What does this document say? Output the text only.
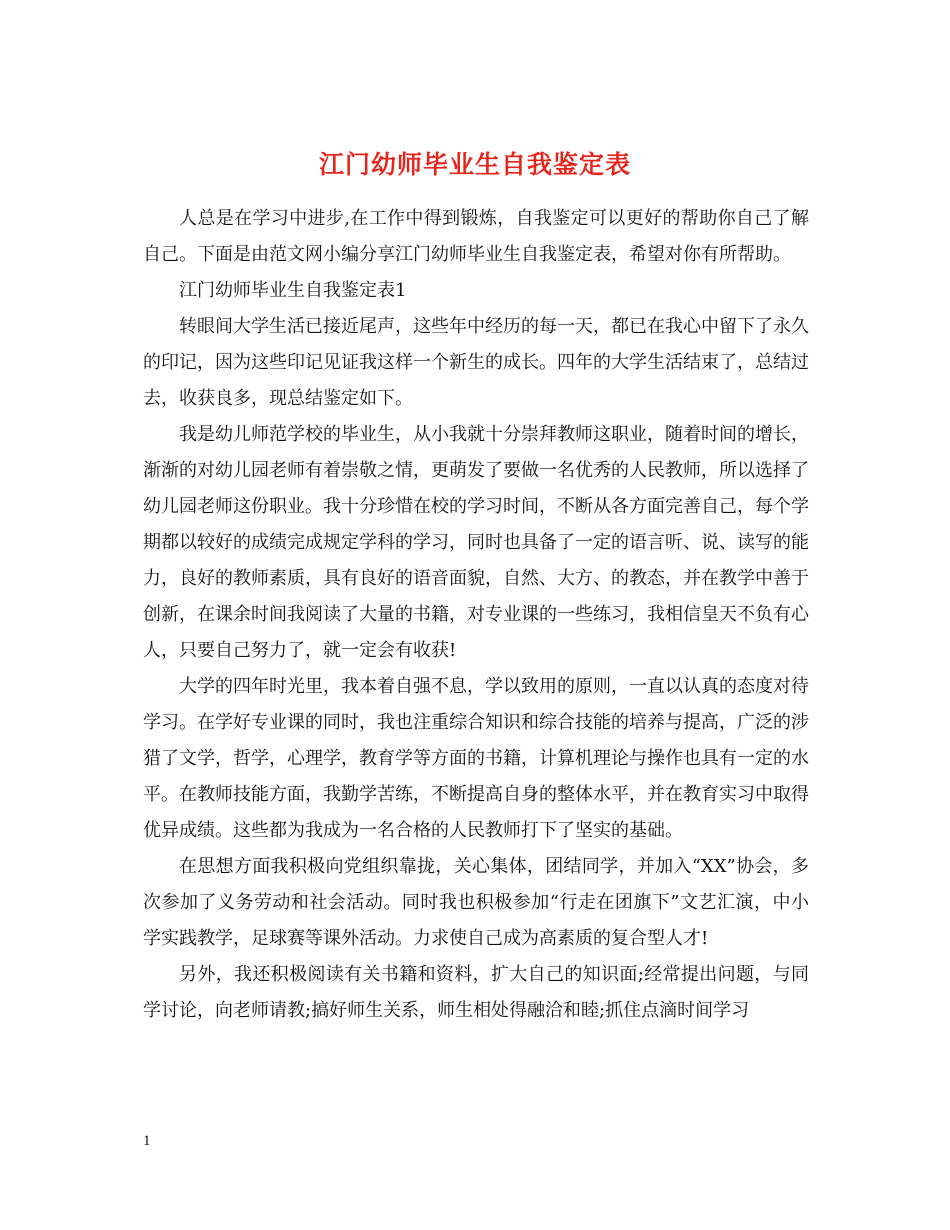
江门幼师毕业生自我鉴定表

人总是在学习中进步,在工作中得到锻炼，自我鉴定可以更好的帮助你自己了解自己。下面是由范文网小编分享江门幼师毕业生自我鉴定表，希望对你有所帮助。

江门幼师毕业生自我鉴定表1

转眼间大学生活已接近尾声，这些年中经历的每一天，都已在我心中留下了永久的印记，因为这些印记见证我这样一个新生的成长。四年的大学生活结束了，总结过去，收获良多，现总结鉴定如下。

我是幼儿师范学校的毕业生，从小我就十分崇拜教师这职业，随着时间的增长，渐渐的对幼儿园老师有着崇敬之情，更萌发了要做一名优秀的人民教师，所以选择了幼儿园老师这份职业。我十分珍惜在校的学习时间，不断从各方面完善自己，每个学期都以较好的成绩完成规定学科的学习，同时也具备了一定的语言听、说、读写的能力，良好的教师素质，具有良好的语音面貌，自然、大方、的教态，并在教学中善于创新，在课余时间我阅读了大量的书籍，对专业课的一些练习，我相信皇天不负有心人，只要自己努力了，就一定会有收获!

大学的四年时光里，我本着自强不息，学以致用的原则，一直以认真的态度对待学习。在学好专业课的同时，我也注重综合知识和综合技能的培养与提高，广泛的涉猎了文学，哲学，心理学，教育学等方面的书籍，计算机理论与操作也具有一定的水平。在教师技能方面，我勤学苦练，不断提高自身的整体水平，并在教育实习中取得优异成绩。这些都为我成为一名合格的人民教师打下了坚实的基础。

在思想方面我积极向党组织靠拢，关心集体，团结同学，并加入“XX”协会，多次参加了义务劳动和社会活动。同时我也积极参加“行走在团旗下”文艺汇演，中小学实践教学，足球赛等课外活动。力求使自己成为高素质的复合型人才!

另外，我还积极阅读有关书籍和资料，扩大自己的知识面;经常提出问题，与同学讨论，向老师请教;搞好师生关系，师生相处得融洽和睦;抓住点滴时间学习

1
